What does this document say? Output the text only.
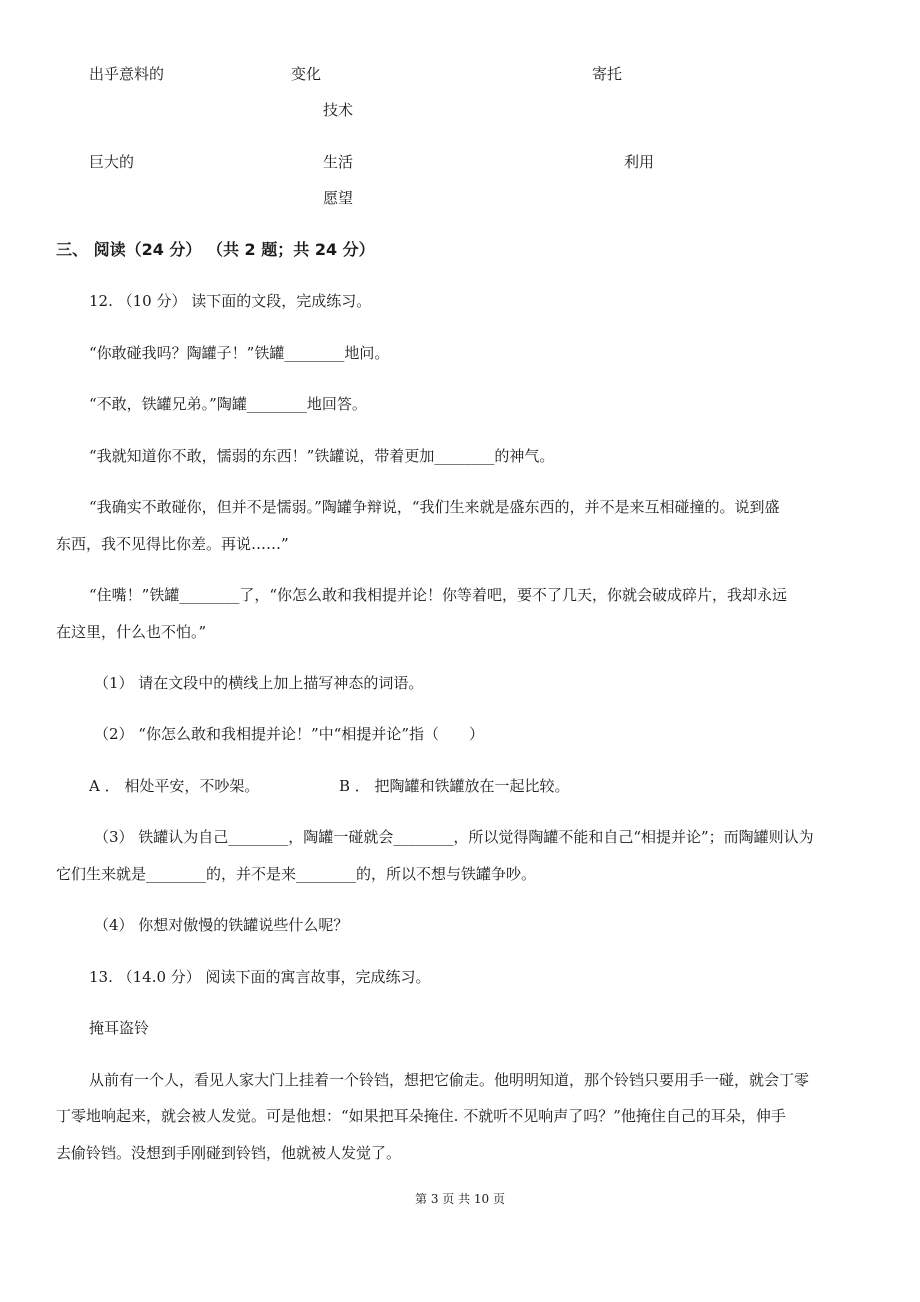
出乎意料的	变化	寄托
技术
巨大的	生活	利用
愿望
三、 阅读（24 分） （共 2 题；共 24 分）
12. （10 分） 读下面的文段，完成练习。
“你敢碰我吗？陶罐子！”铁罐________地问。
“不敢，铁罐兄弟。”陶罐________地回答。
“我就知道你不敢，懦弱的东西！”铁罐说，带着更加________的神气。
“我确实不敢碰你，但并不是懦弱。”陶罐争辩说，“我们生来就是盛东西的，并不是来互相碰撞的。说到盛
东西，我不见得比你差。再说……”
“住嘴！”铁罐________了，“你怎么敢和我相提并论！你等着吧，要不了几天，你就会破成碎片，我却永远
在这里，什么也不怕。”
（1） 请在文段中的横线上加上描写神态的词语。
（2） “你怎么敢和我相提并论！”中“相提并论”指（　　）
A ． 相处平安，不吵架。	B ． 把陶罐和铁罐放在一起比较。
（3） 铁罐认为自己________，陶罐一碰就会________，所以觉得陶罐不能和自己“相提并论”；而陶罐则认为
它们生来就是________的，并不是来________的，所以不想与铁罐争吵。
（4） 你想对傲慢的铁罐说些什么呢？
13. （14.0 分） 阅读下面的寓言故事，完成练习。
掩耳盗铃
从前有一个人，看见人家大门上挂着一个铃铛，想把它偷走。他明明知道，那个铃铛只要用手一碰，就会丁零
丁零地响起来，就会被人发觉。可是他想：“如果把耳朵掩住. 不就听不见响声了吗？”他掩住自己的耳朵，伸手
去偷铃铛。没想到手刚碰到铃铛，他就被人发觉了。
第 3 页 共 10 页
